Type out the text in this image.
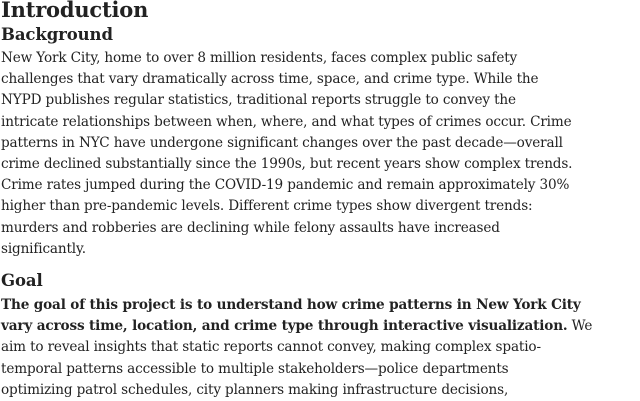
Introduction
Background

New York City, home to over 8 million residents, faces complex public safety
challenges that vary dramatically across time, space, and crime type. While the
NYPD publishes regular statistics, traditional reports struggle to convey the
intricate relationships between when, where, and what types of crimes occur. Crime
patterns in NYC have undergone significant changes over the past decade—overall
crime declined substantially since the 1990s, but recent years show complex trends.
Crime rates jumped during the COVID-19 pandemic and remain approximately 30%
higher than pre-pandemic levels. Different crime types show divergent trends:
murders and robberies are declining while felony assaults have increased
significantly.

Goal

The goal of this project is to understand how crime patterns in New York City
vary across time, location, and crime type through interactive visualization. We
aim to reveal insights that static reports cannot convey, making complex spatio-
temporal patterns accessible to multiple stakeholders—police departments
optimizing patrol schedules, city planners making infrastructure decisions,
